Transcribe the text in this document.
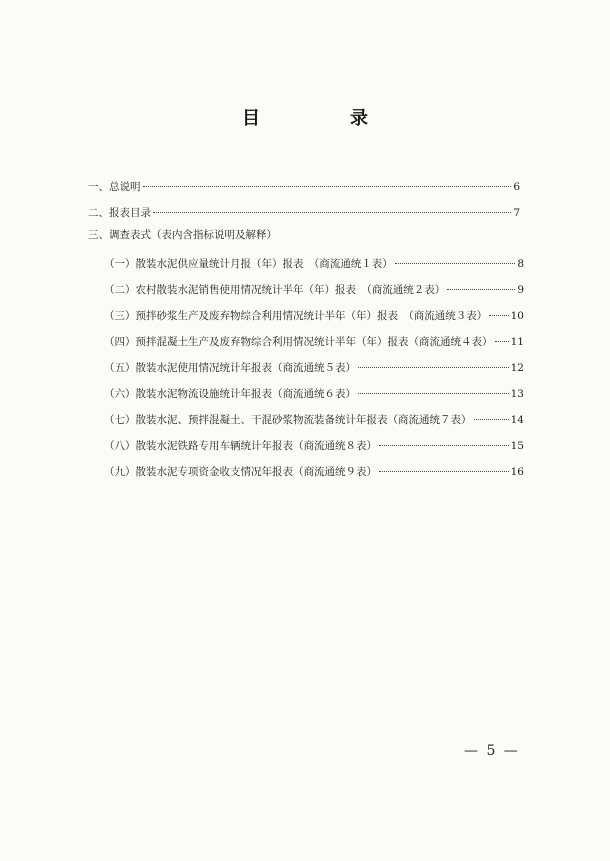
目　录
一、总说明	6
二、报表目录	7
三、调查表式（表内含指标说明及解释）
（一）散装水泥供应量统计月报（年）报表　（商流通统１表）	8
（二）农村散装水泥销售使用情况统计半年（年）报表　（商流通统２表）	9
（三）预拌砂浆生产及废弃物综合利用情况统计半年（年）报表　（商流通统３表） 10
（四）预拌混凝土生产及废弃物综合利用情况统计半年（年）报表（商流通统４表） 11
（五）散装水泥使用情况统计年报表（商流通统５表）	12
（六）散装水泥物流设施统计年报表（商流通统６表）	13
（七）散装水泥、预拌混凝土、干混砂浆物流装备统计年报表（商流通统７表）	14
（八）散装水泥铁路专用车辆统计年报表（商流通统８表）	15
（九）散装水泥专项资金收支情况年报表（商流通统９表）	16
— 5 —
